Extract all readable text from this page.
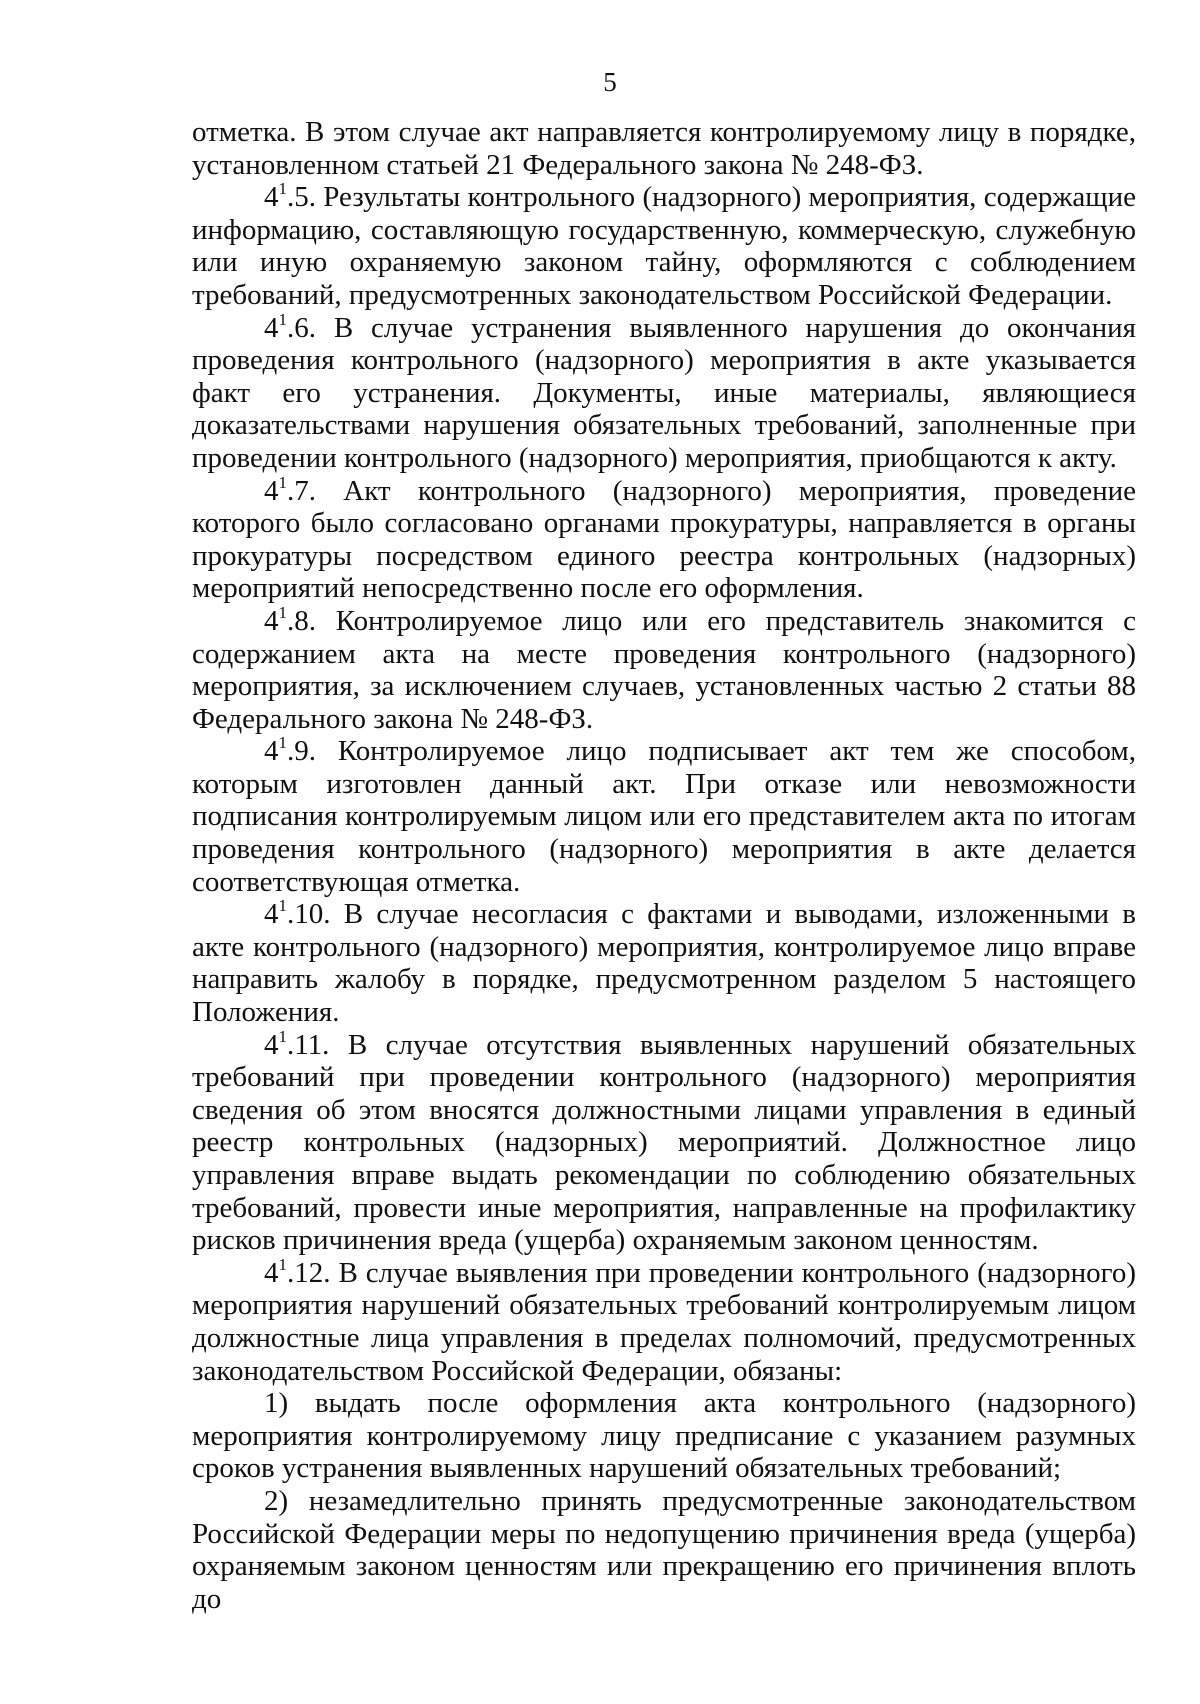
5

отметка. В этом случае акт направляется контролируемому лицу в порядке, установленном статьей 21 Федерального закона № 248-ФЗ.

$4^1.5$. Результаты контрольного (надзорного) мероприятия, содержащие информацию, составляющую государственную, коммерческую, служебную или иную охраняемую законом тайну, оформляются с соблюдением требований, предусмотренных законодательством Российской Федерации.

$4^1.6$. В случае устранения выявленного нарушения до окончания проведения контрольного (надзорного) мероприятия в акте указывается факт его устранения. Документы, иные материалы, являющиеся доказательствами нарушения обязательных требований, заполненные при проведении контрольного (надзорного) мероприятия, приобщаются к акту.

$4^1.7$. Акт контрольного (надзорного) мероприятия, проведение которого было согласовано органами прокуратуры, направляется в органы прокуратуры посредством единого реестра контрольных (надзорных) мероприятий непосредственно после его оформления.

$4^1.8$. Контролируемое лицо или его представитель знакомится с содержанием акта на месте проведения контрольного (надзорного) мероприятия, за исключением случаев, установленных частью 2 статьи 88 Федерального закона № 248-ФЗ.

$4^1.9$. Контролируемое лицо подписывает акт тем же способом, которым изготовлен данный акт. При отказе или невозможности подписания контролируемым лицом или его представителем акта по итогам проведения контрольного (надзорного) мероприятия в акте делается соответствующая отметка.

$4^1.10$. В случае несогласия с фактами и выводами, изложенными в акте контрольного (надзорного) мероприятия, контролируемое лицо вправе направить жалобу в порядке, предусмотренном разделом 5 настоящего Положения.

$4^1.11$. В случае отсутствия выявленных нарушений обязательных требований при проведении контрольного (надзорного) мероприятия сведения об этом вносятся должностными лицами управления в единый реестр контрольных (надзорных) мероприятий. Должностное лицо управления вправе выдать рекомендации по соблюдению обязательных требований, провести иные мероприятия, направленные на профилактику рисков причинения вреда (ущерба) охраняемым законом ценностям.

$4^1.12$. В случае выявления при проведении контрольного (надзорного) мероприятия нарушений обязательных требований контролируемым лицом должностные лица управления в пределах полномочий, предусмотренных законодательством Российской Федерации, обязаны:

1) выдать после оформления акта контрольного (надзорного) мероприятия контролируемому лицу предписание с указанием разумных сроков устранения выявленных нарушений обязательных требований;

2) незамедлительно принять предусмотренные законодательством Российской Федерации меры по недопущению причинения вреда (ущерба) охраняемым законом ценностям или прекращению его причинения вплоть до
